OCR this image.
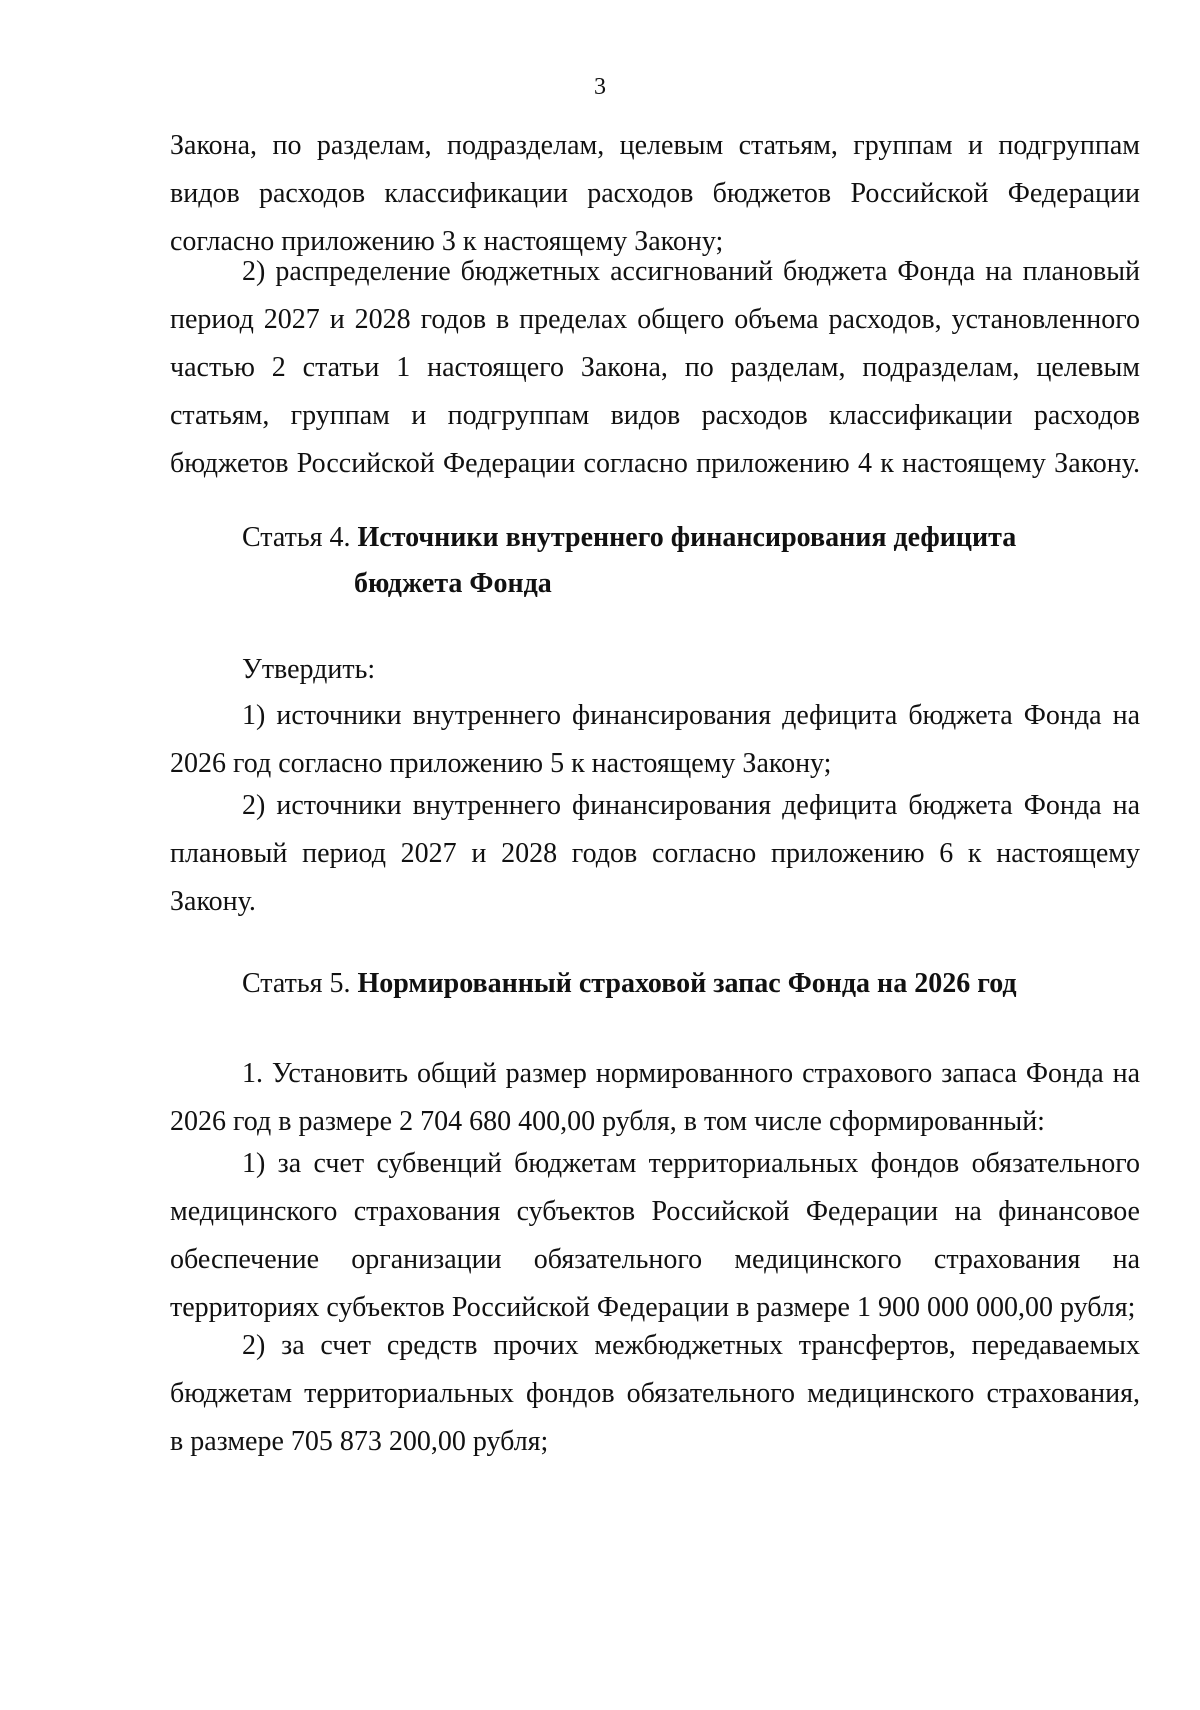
3
Закона, по разделам, подразделам, целевым статьям, группам и подгруппам
видов расходов классификации расходов бюджетов Российской Федерации
согласно приложению 3 к настоящему Закону;
2) распределение бюджетных ассигнований бюджета Фонда на плановый
период 2027 и 2028 годов в пределах общего объема расходов, установленного
частью 2 статьи 1 настоящего Закона, по разделам, подразделам, целевым
статьям, группам и подгруппам видов расходов классификации расходов
бюджетов Российской Федерации согласно приложению 4 к настоящему Закону.
Статья 4. Источники внутреннего финансирования дефицита
бюджета Фонда
Утвердить:
1) источники внутреннего финансирования дефицита бюджета Фонда на
2026 год согласно приложению 5 к настоящему Закону;
2) источники внутреннего финансирования дефицита бюджета Фонда на
плановый период 2027 и 2028 годов согласно приложению 6 к настоящему
Закону.
Статья 5. Нормированный страховой запас Фонда на 2026 год
1. Установить общий размер нормированного страхового запаса Фонда на
2026 год в размере 2 704 680 400,00 рубля, в том числе сформированный:
1) за счет субвенций бюджетам территориальных фондов обязательного
медицинского страхования субъектов Российской Федерации на финансовое
обеспечение организации обязательного медицинского страхования на
территориях субъектов Российской Федерации в размере 1 900 000 000,00 рубля;
2) за счет средств прочих межбюджетных трансфертов, передаваемых
бюджетам территориальных фондов обязательного медицинского страхования,
в размере 705 873 200,00 рубля;
